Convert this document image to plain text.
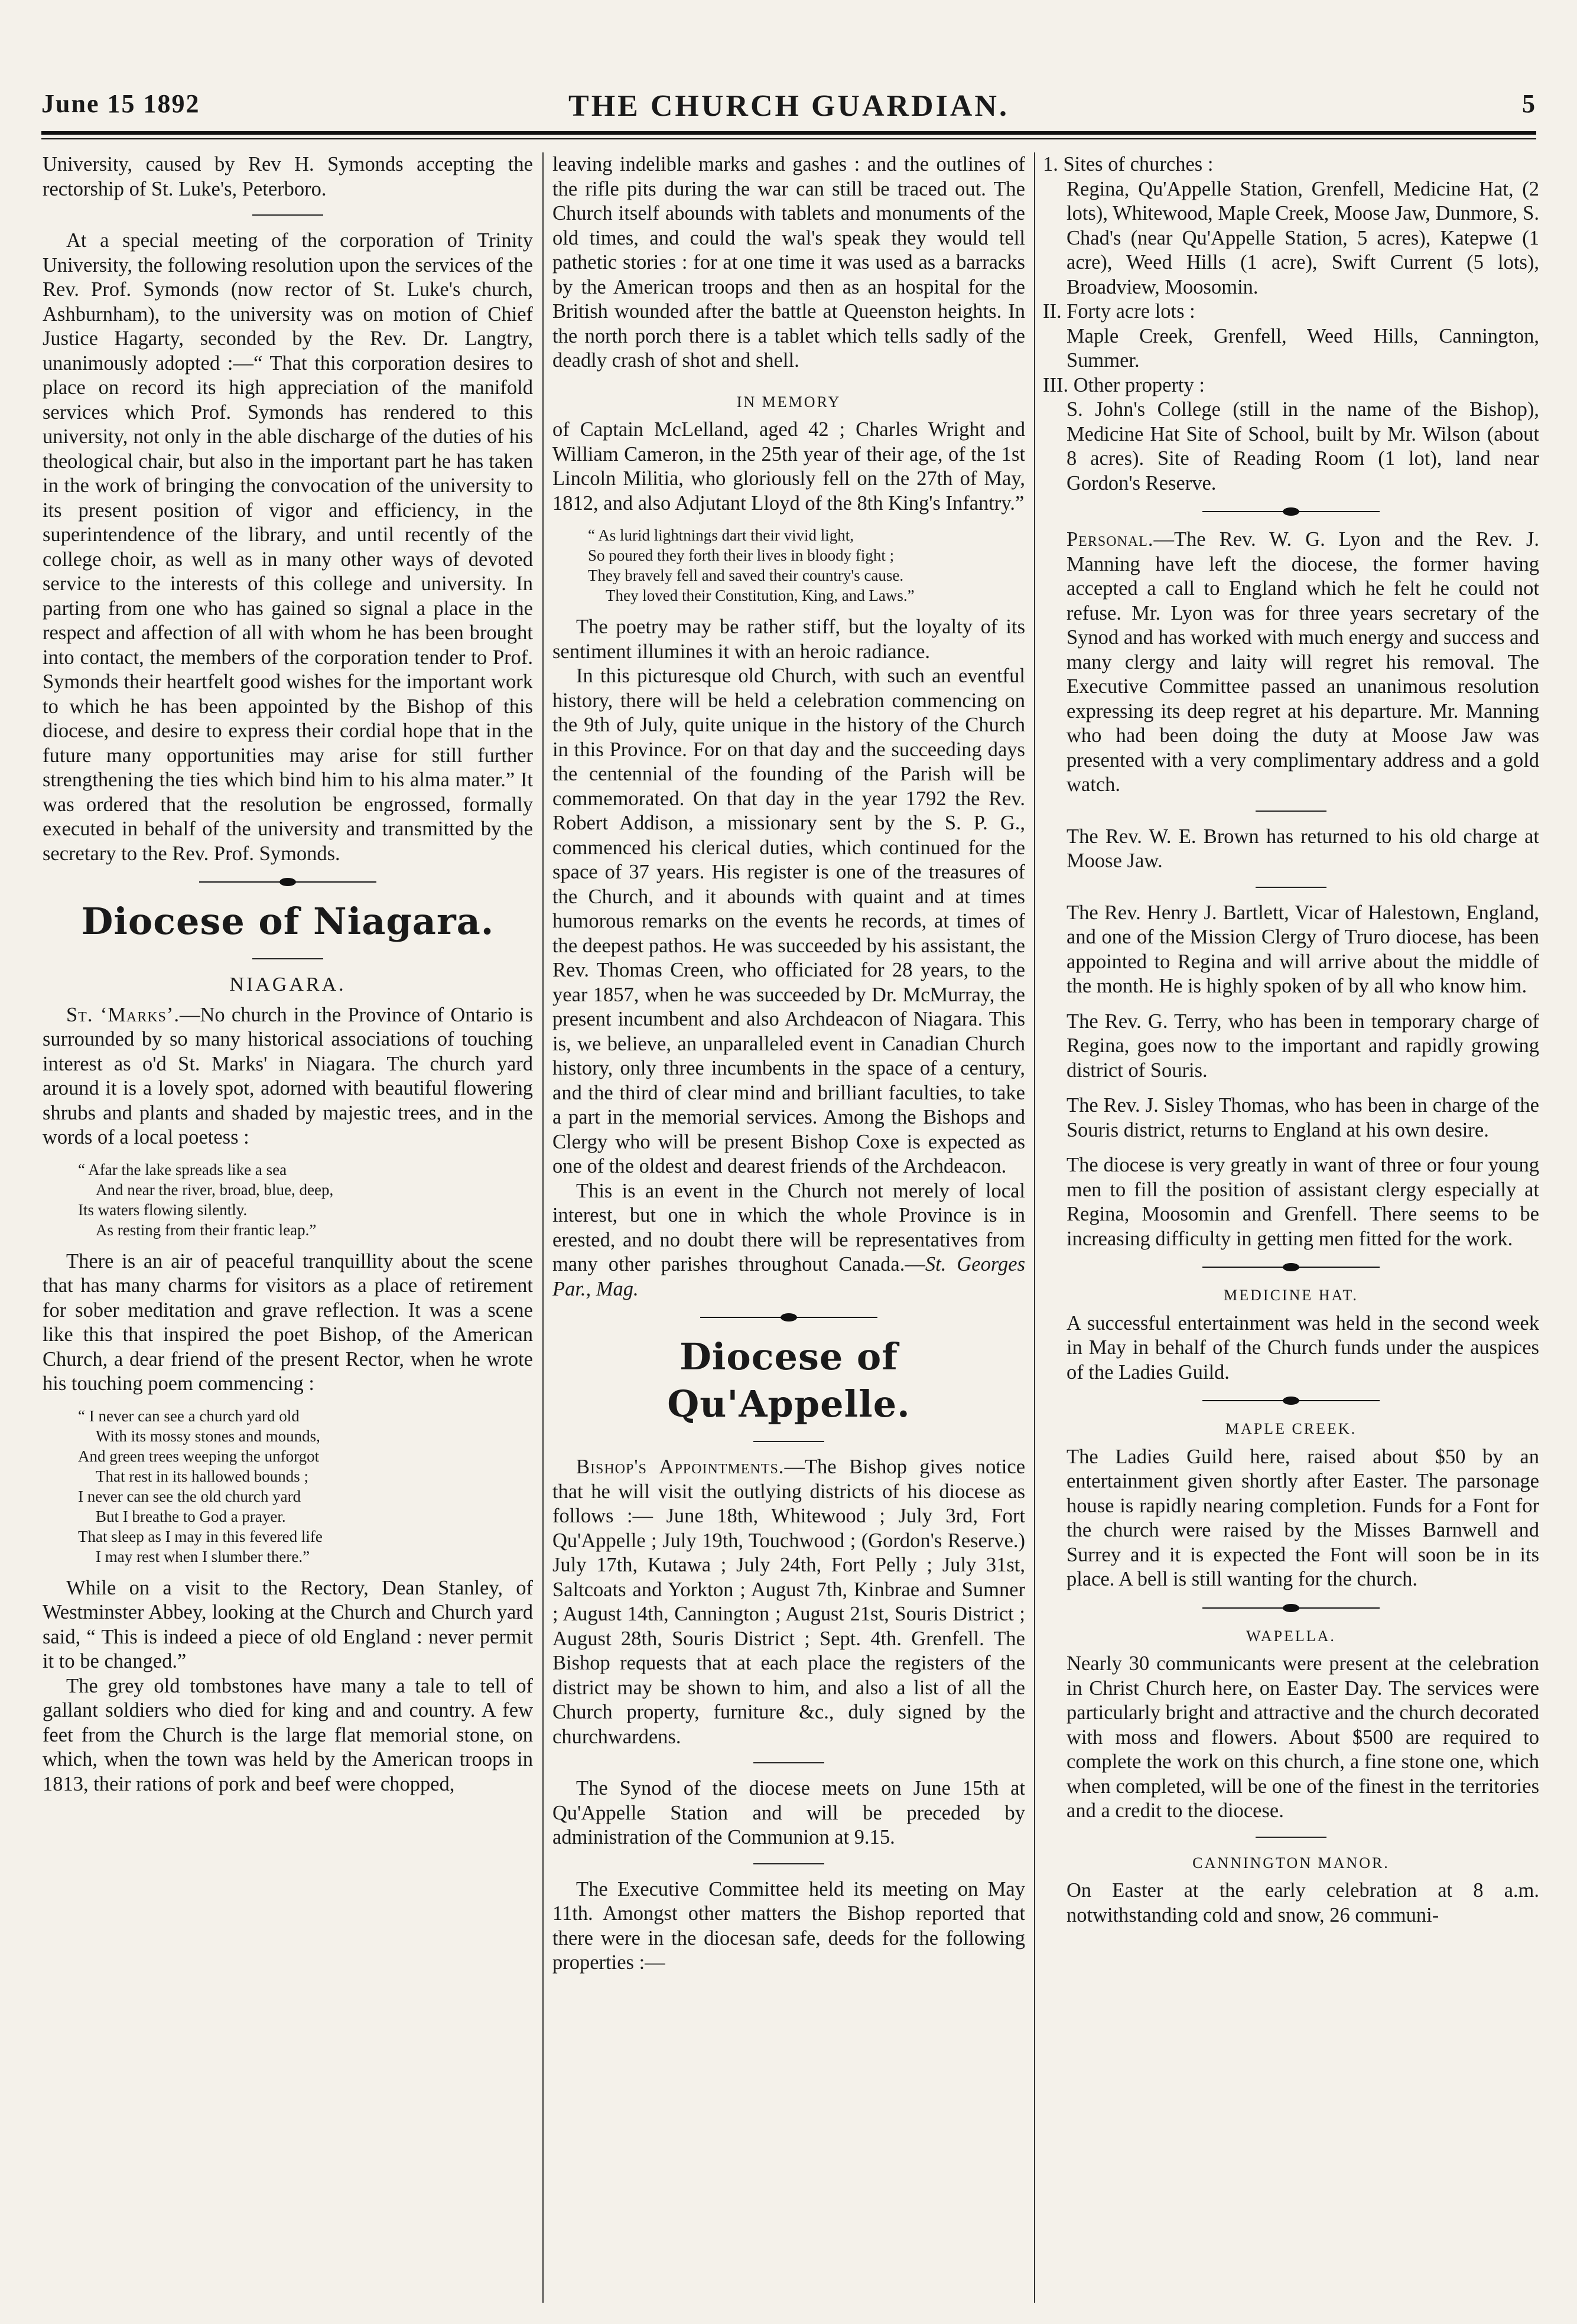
June 15 1892	THE CHURCH GUARDIAN.	5

University, caused by Rev H. Symonds accepting the rectorship of St. Luke's, Peterboro.

At a special meeting of the corporation of Trinity University, the following resolution upon the services of the Rev. Prof. Symonds (now rector of St. Luke's church, Ashburnham), to the university was on motion of Chief Justice Hagarty, seconded by the Rev. Dr. Langtry, unanimously adopted :—“ That this corporation desires to place on record its high appreciation of the manifold services which Prof. Symonds has rendered to this university, not only in the able discharge of the duties of his theological chair, but also in the important part he has taken in the work of bringing the convocation of the university to its present position of vigor and efficiency, in the superintendence of the library, and until recently of the college choir, as well as in many other ways of devoted service to the interests of this college and university. In parting from one who has gained so signal a place in the respect and affection of all with whom he has been brought into contact, the members of the corporation tender to Prof. Symonds their heartfelt good wishes for the important work to which he has been appointed by the Bishop of this diocese, and desire to express their cordial hope that in the future many opportunities may arise for still further strengthening the ties which bind him to his alma mater.” It was ordered that the resolution be engrossed, formally executed in behalf of the university and transmitted by the secretary to the Rev. Prof. Symonds.

Diocese of Niagara.
NIAGARA.

St. ‘Marks’.—No church in the Province of Ontario is surrounded by so many historical associations of touching interest as o'd St. Marks' in Niagara. The church yard around it is a lovely spot, adorned with beautiful flowering shrubs and plants and shaded by majestic trees, and in the words of a local poetess :

“ Afar the lake spreads like a sea
And near the river, broad, blue, deep,
Its waters flowing silently.
As resting from their frantic leap.”

There is an air of peaceful tranquillity about the scene that has many charms for visitors as a place of retirement for sober meditation and grave reflection. It was a scene like this that inspired the poet Bishop, of the American Church, a dear friend of the present Rector, when he wrote his touching poem commencing :

“ I never can see a church yard old
With its mossy stones and mounds,
And green trees weeping the unforgot
That rest in its hallowed bounds ;
I never can see the old church yard
But I breathe to God a prayer.
That sleep as I may in this fevered life
I may rest when I slumber there.”

While on a visit to the Rectory, Dean Stanley, of Westminster Abbey, looking at the Church and Church yard said, “ This is indeed a piece of old England : never permit it to be changed.”

The grey old tombstones have many a tale to tell of gallant soldiers who died for king and and country. A few feet from the Church is the large flat memorial stone, on which, when the town was held by the American troops in 1813, their rations of pork and beef were chopped,

leaving indelible marks and gashes : and the outlines of the rifle pits during the war can still be traced out. The Church itself abounds with tablets and monuments of the old times, and could the wal's speak they would tell pathetic stories : for at one time it was used as a barracks by the American troops and then as an hospital for the British wounded after the battle at Queenston heights. In the north porch there is a tablet which tells sadly of the deadly crash of shot and shell.

IN MEMORY

of Captain McLelland, aged 42 ; Charles Wright and William Cameron, in the 25th year of their age, of the 1st Lincoln Militia, who gloriously fell on the 27th of May, 1812, and also Adjutant Lloyd of the 8th King's Infantry.”

“ As lurid lightnings dart their vivid light,
So poured they forth their lives in bloody fight ;
They bravely fell and saved their country's cause.
They loved their Constitution, King, and Laws.”

The poetry may be rather stiff, but the loyalty of its sentiment illumines it with an heroic radiance.

In this picturesque old Church, with such an eventful history, there will be held a celebration commencing on the 9th of July, quite unique in the history of the Church in this Province. For on that day and the succeeding days the centennial of the founding of the Parish will be commemorated. On that day in the year 1792 the Rev. Robert Addison, a missionary sent by the S. P. G., commenced his clerical duties, which continued for the space of 37 years. His register is one of the treasures of the Church, and it abounds with quaint and at times humorous remarks on the events he records, at times of the deepest pathos. He was succeeded by his assistant, the Rev. Thomas Creen, who officiated for 28 years, to the year 1857, when he was succeeded by Dr. McMurray, the present incumbent and also Archdeacon of Niagara. This is, we believe, an unparalleled event in Canadian Church history, only three incumbents in the space of a century, and the third of clear mind and brilliant faculties, to take a part in the memorial services. Among the Bishops and Clergy who will be present Bishop Coxe is expected as one of the oldest and dearest friends of the Archdeacon.

This is an event in the Church not merely of local interest, but one in which the whole Province is in erested, and no doubt there will be representatives from many other parishes throughout Canada.—St. Georges Par., Mag.

Diocese of Qu'Appelle.

Bishop's Appointments.—The Bishop gives notice that he will visit the outlying districts of his diocese as follows :— June 18th, Whitewood ; July 3rd, Fort Qu'Appelle ; July 19th, Touchwood ; (Gordon's Reserve.) July 17th, Kutawa ; July 24th, Fort Pelly ; July 31st, Saltcoats and Yorkton ; August 7th, Kinbrae and Sumner ; August 14th, Cannington ; August 21st, Souris District ; August 28th, Souris District ; Sept. 4th. Grenfell. The Bishop requests that at each place the registers of the district may be shown to him, and also a list of all the Church property, furniture &c., duly signed by the churchwardens.

The Synod of the diocese meets on June 15th at Qu'Appelle Station and will be preceded by administration of the Communion at 9.15.

The Executive Committee held its meeting on May 11th. Amongst other matters the Bishop reported that there were in the diocesan safe, deeds for the following properties :—

1. Sites of churches :

Regina, Qu'Appelle Station, Grenfell, Medicine Hat, (2 lots), Whitewood, Maple Creek, Moose Jaw, Dunmore, S. Chad's (near Qu'Appelle Station, 5 acres), Katepwe (1 acre), Weed Hills (1 acre), Swift Current (5 lots), Broadview, Moosomin.

II. Forty acre lots :

Maple Creek, Grenfell, Weed Hills, Cannington, Summer.

III. Other property :

S. John's College (still in the name of the Bishop), Medicine Hat Site of School, built by Mr. Wilson (about 8 acres). Site of Reading Room (1 lot), land near Gordon's Reserve.

Personal.—The Rev. W. G. Lyon and the Rev. J. Manning have left the diocese, the former having accepted a call to England which he felt he could not refuse. Mr. Lyon was for three years secretary of the Synod and has worked with much energy and success and many clergy and laity will regret his removal. The Executive Committee passed an unanimous resolution expressing its deep regret at his departure. Mr. Manning who had been doing the duty at Moose Jaw was presented with a very complimentary address and a gold watch.

The Rev. W. E. Brown has returned to his old charge at Moose Jaw.

The Rev. Henry J. Bartlett, Vicar of Halestown, England, and one of the Mission Clergy of Truro diocese, has been appointed to Regina and will arrive about the middle of the month. He is highly spoken of by all who know him.

The Rev. G. Terry, who has been in temporary charge of Regina, goes now to the important and rapidly growing district of Souris.

The Rev. J. Sisley Thomas, who has been in charge of the Souris district, returns to England at his own desire.

The diocese is very greatly in want of three or four young men to fill the position of assistant clergy especially at Regina, Moosomin and Grenfell. There seems to be increasing difficulty in getting men fitted for the work.

MEDICINE HAT.

A successful entertainment was held in the second week in May in behalf of the Church funds under the auspices of the Ladies Guild.

MAPLE CREEK.

The Ladies Guild here, raised about $50 by an entertainment given shortly after Easter. The parsonage house is rapidly nearing completion. Funds for a Font for the church were raised by the Misses Barnwell and Surrey and it is expected the Font will soon be in its place. A bell is still wanting for the church.

WAPELLA.

Nearly 30 communicants were present at the celebration in Christ Church here, on Easter Day. The services were particularly bright and attractive and the church decorated with moss and flowers. About $500 are required to complete the work on this church, a fine stone one, which when completed, will be one of the finest in the territories and a credit to the diocese.

CANNINGTON MANOR.

On Easter at the early celebration at 8 a.m. notwithstanding cold and snow, 26 communi-
